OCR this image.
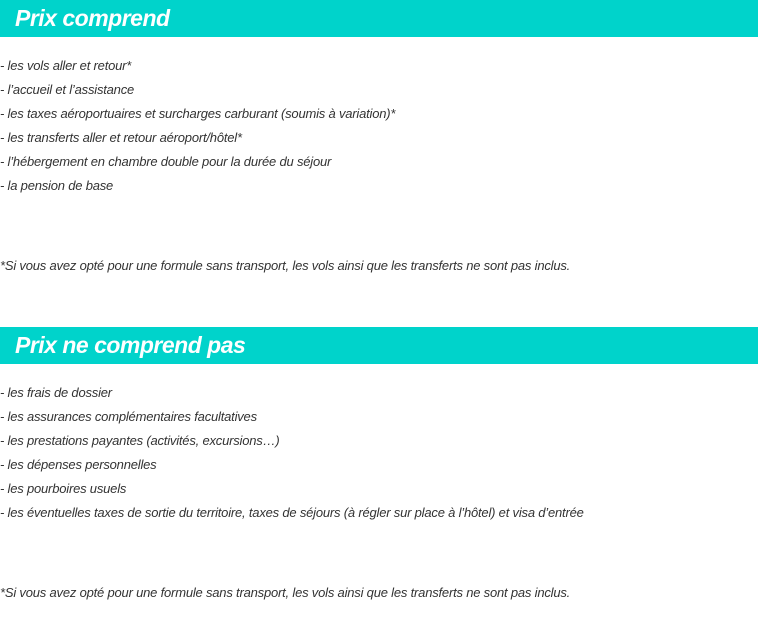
Prix comprend
- les vols aller et retour*
- l’accueil et l’assistance
- les taxes aéroportuaires et surcharges carburant (soumis à variation)*
- les transferts aller et retour aéroport/hôtel*
- l’hébergement en chambre double pour la durée du séjour
- la pension de base
*Si vous avez opté pour une formule sans transport, les vols ainsi que les transferts ne sont pas inclus.
Prix ne comprend pas
- les frais de dossier
- les assurances complémentaires facultatives
- les prestations payantes (activités, excursions…)
- les dépenses personnelles
- les pourboires usuels
- les éventuelles taxes de sortie du territoire, taxes de séjours (à régler sur place à l’hôtel) et visa d’entrée
*Si vous avez opté pour une formule sans transport, les vols ainsi que les transferts ne sont pas inclus.
